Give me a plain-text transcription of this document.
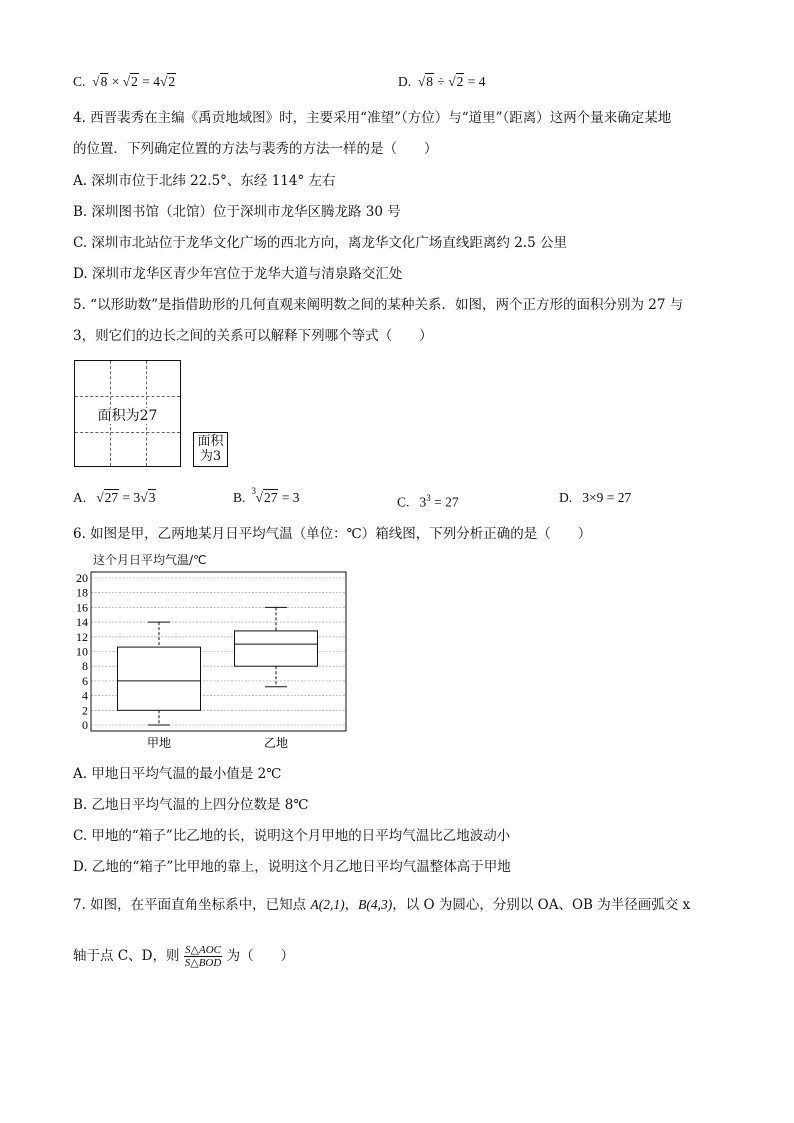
C.  √8 × √2 = 4√2	D.  √8 ÷ √2 = 4
4. 西晋裴秀在主编《禹贡地域图》时，主要采用“准望”（方位）与“道里”（距离）这两个量来确定某地
的位置．下列确定位置的方法与裴秀的方法一样的是（　　）
A. 深圳市位于北纬 22.5°、东经 114° 左右
B. 深圳图书馆（北馆）位于深圳市龙华区腾龙路 30 号
C. 深圳市北站位于龙华文化广场的西北方向，离龙华文化广场直线距离约 2.5 公里
D. 深圳市龙华区青少年宫位于龙华大道与清泉路交汇处
5. “以形助数”是指借助形的几何直观来阐明数之间的某种关系．如图，两个正方形的面积分别为 27 与
3，则它们的边长之间的关系可以解释下列哪个等式（　　）
面积为27
面积
为3
A.   √27 = 3√3	B. 3 √27 = 3	C. $3^3 = 27$	D. 3×9 = 27
6. 如图是甲，乙两地某月日平均气温（单位：℃）箱线图，下列分析正确的是（　　）
这个月日平均气温/℃
0
2
4
6
8
10
12
14
16
18
20
甲地	乙地
A. 甲地日平均气温的最小值是 2℃
B. 乙地日平均气温的上四分位数是 8℃
C. 甲地的“箱子”比乙地的长，说明这个月甲地的日平均气温比乙地波动小
D. 乙地的“箱子”比甲地的靠上，说明这个月乙地日平均气温整体高于甲地
7. 如图，在平面直角坐标系中，已知点 A(2,1)，B(4,3)，以 O 为圆心，分别以 OA、OB 为半径画弧交 x
轴于点 C、D，则 $\frac{\text{S△AOC}}{\text{S△BOD}}$ 为（　　）
